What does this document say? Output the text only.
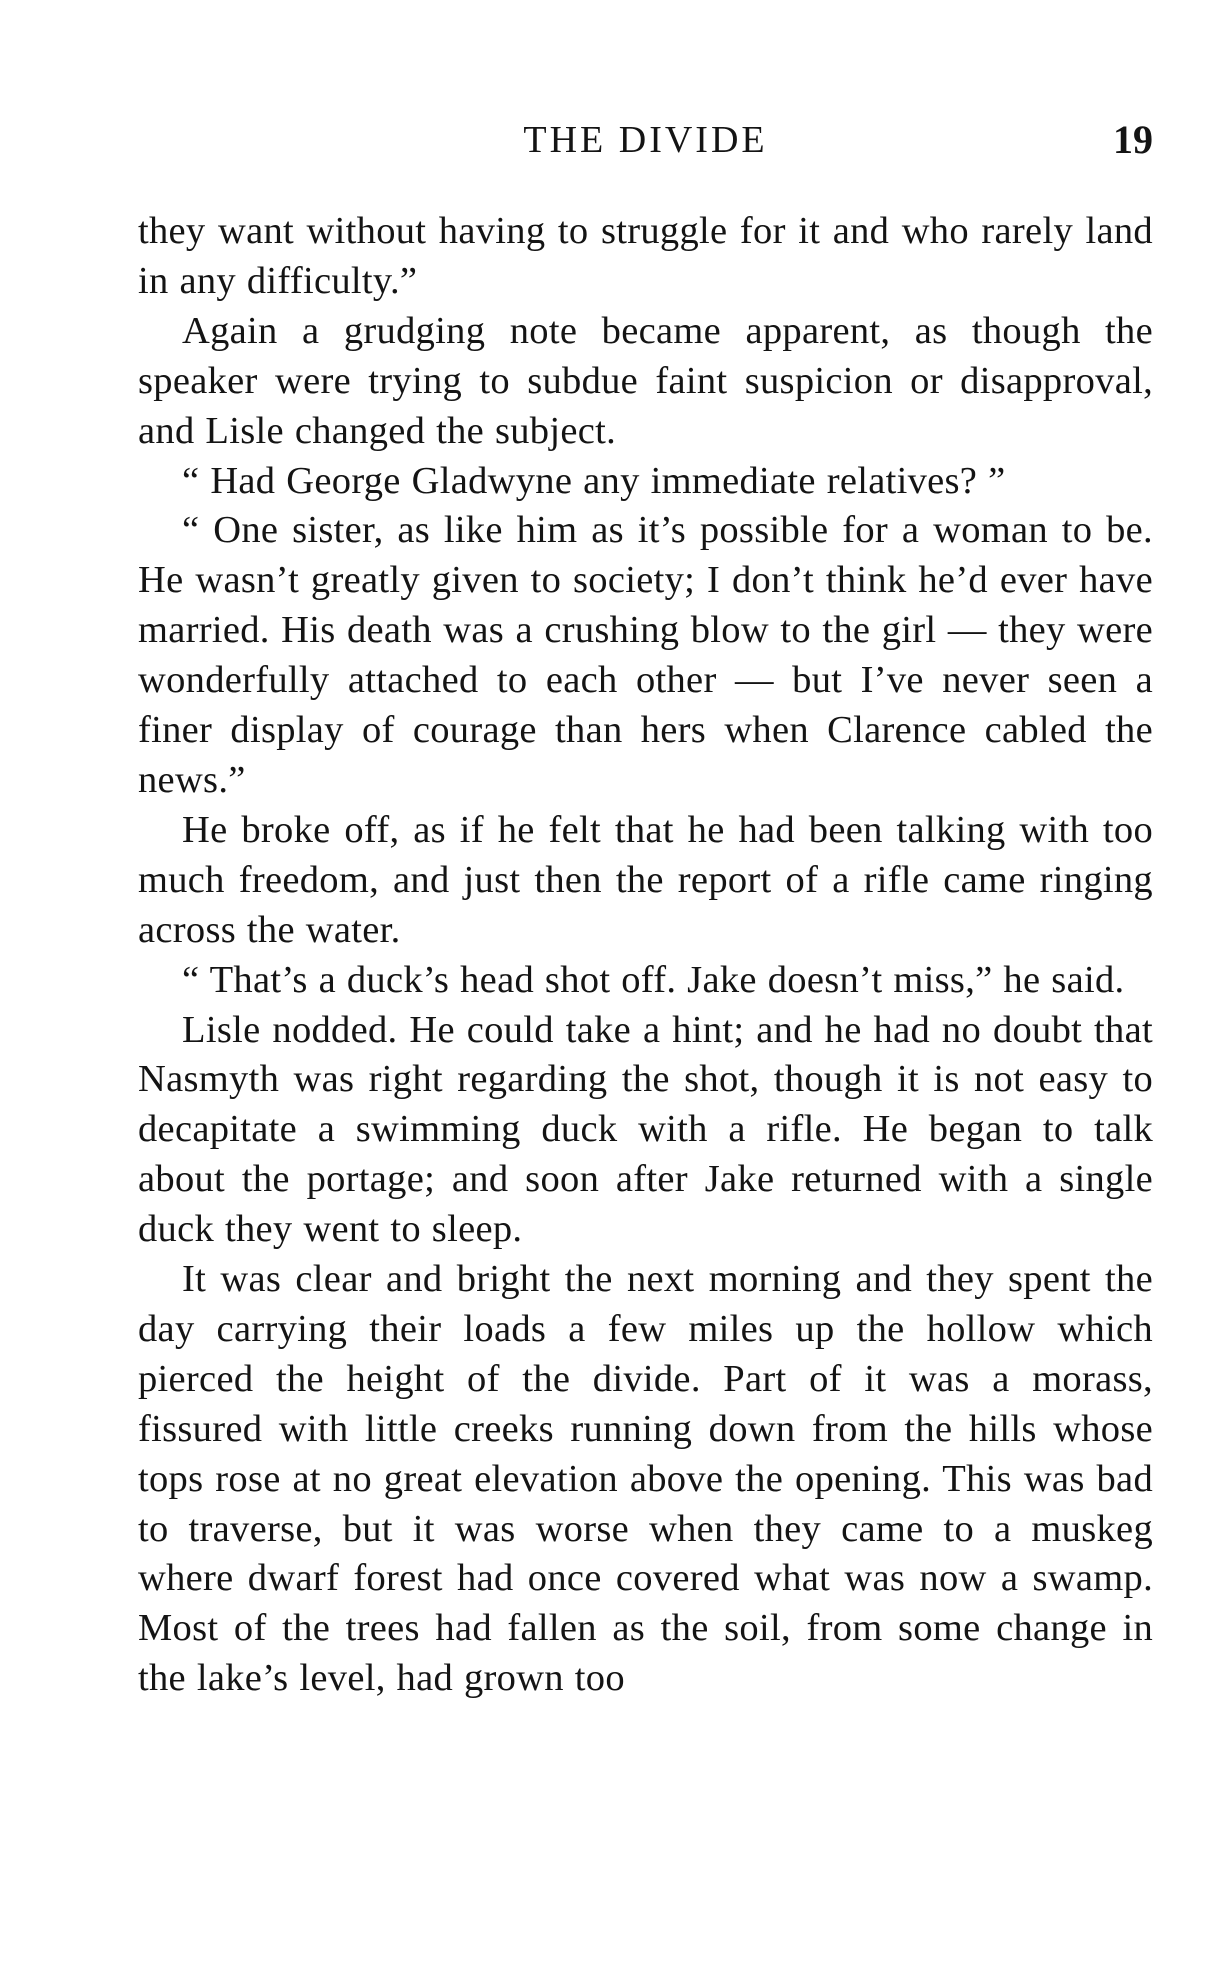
THE DIVIDE	19

they want without having to struggle for it and who rarely land in any difficulty.”

Again a grudging note became apparent, as though the speaker were trying to subdue faint suspicion or disapproval, and Lisle changed the subject.

“ Had George Gladwyne any immediate relatives? ”

“ One sister, as like him as it’s possible for a woman to be. He wasn’t greatly given to society; I don’t think he’d ever have married. His death was a crushing blow to the girl — they were wonderfully attached to each other — but I’ve never seen a finer display of courage than hers when Clarence cabled the news.”

He broke off, as if he felt that he had been talking with too much freedom, and just then the report of a rifle came ringing across the water.

“ That’s a duck’s head shot off. Jake doesn’t miss,” he said.

Lisle nodded. He could take a hint; and he had no doubt that Nasmyth was right regarding the shot, though it is not easy to decapitate a swimming duck with a rifle. He began to talk about the portage; and soon after Jake returned with a single duck they went to sleep.

It was clear and bright the next morning and they spent the day carrying their loads a few miles up the hollow which pierced the height of the divide. Part of it was a morass, fissured with little creeks running down from the hills whose tops rose at no great elevation above the opening. This was bad to traverse, but it was worse when they came to a muskeg where dwarf forest had once covered what was now a swamp. Most of the trees had fallen as the soil, from some change in the lake’s level, had grown too
